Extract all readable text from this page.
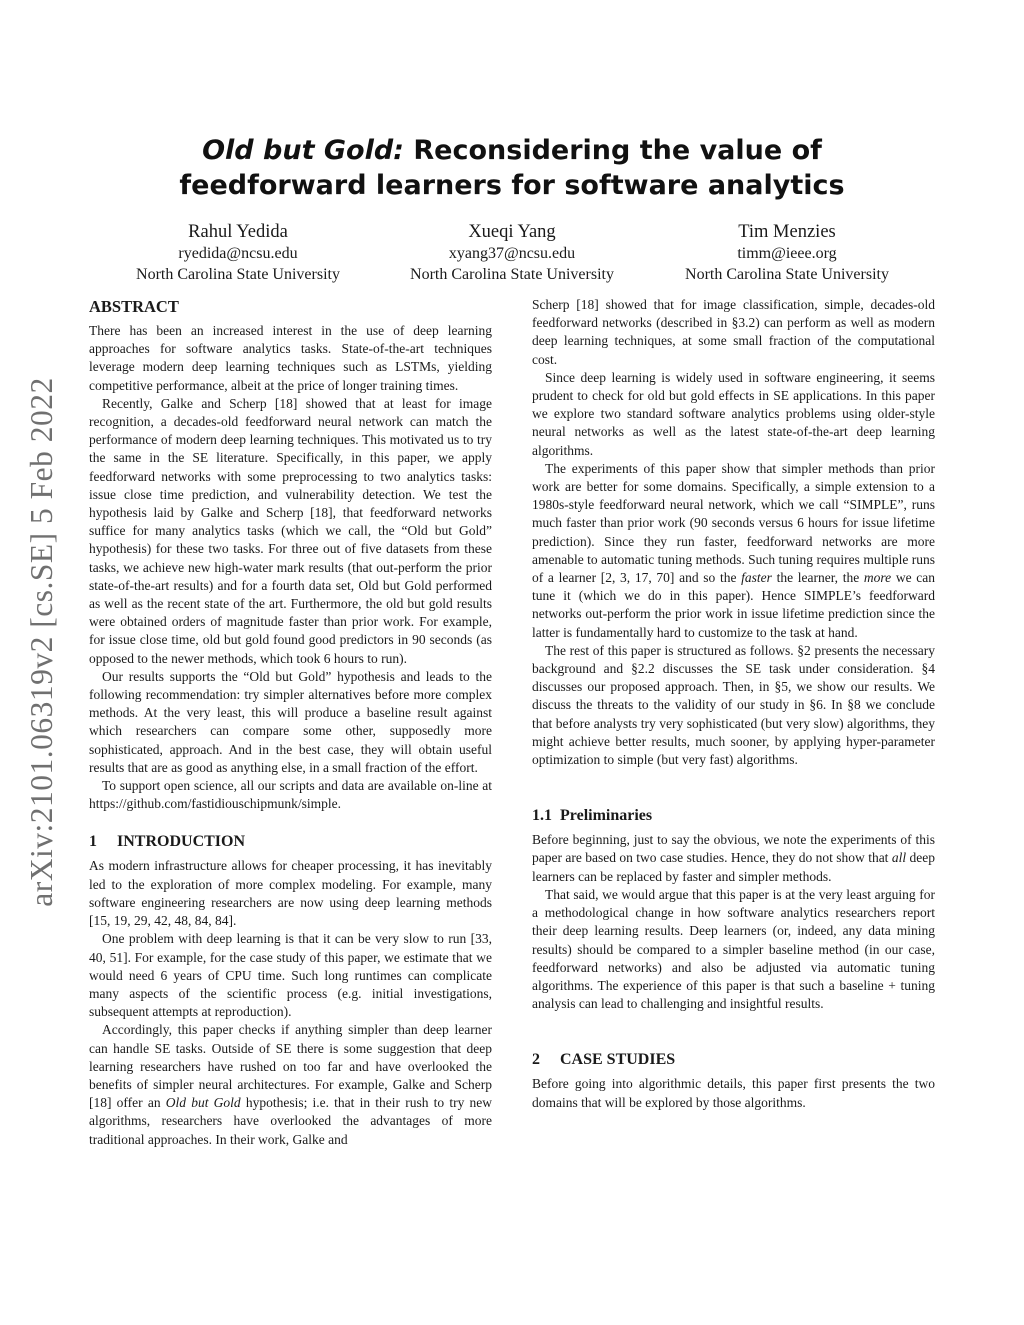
arXiv:2101.06319v2 [cs.SE] 5 Feb 2022
Old but Gold: Reconsidering the value of
feedforward learners for software analytics
Rahul Yedida
ryedida@ncsu.edu
North Carolina State University
Xueqi Yang
xyang37@ncsu.edu
North Carolina State University
Tim Menzies
timm@ieee.org
North Carolina State University
ABSTRACT

There has been an increased interest in the use of deep learning approaches for software analytics tasks. State-of-the-art techniques leverage modern deep learning techniques such as LSTMs, yielding competitive performance, albeit at the price of longer training times.

Recently, Galke and Scherp [18] showed that at least for image recognition, a decades-old feedforward neural network can match the performance of modern deep learning techniques. This motivated us to try the same in the SE literature. Specifically, in this paper, we apply feedforward networks with some preprocessing to two analytics tasks: issue close time prediction, and vulnerability detection. We test the hypothesis laid by Galke and Scherp [18], that feedforward networks suffice for many analytics tasks (which we call, the “Old but Gold” hypothesis) for these two tasks. For three out of five datasets from these tasks, we achieve new high-water mark results (that out-perform the prior state-of-the-art results) and for a fourth data set, Old but Gold performed as well as the recent state of the art. Furthermore, the old but gold results were obtained orders of magnitude faster than prior work. For example, for issue close time, old but gold found good predictors in 90 seconds (as opposed to the newer methods, which took 6 hours to run).

Our results supports the “Old but Gold” hypothesis and leads to the following recommendation: try simpler alternatives before more complex methods. At the very least, this will produce a baseline result against which researchers can compare some other, supposedly more sophisticated, approach. And in the best case, they will obtain useful results that are as good as anything else, in a small fraction of the effort.

To support open science, all our scripts and data are available on-line at https://github.com/fastidiouschipmunk/simple.

1 INTRODUCTION

As modern infrastructure allows for cheaper processing, it has inevitably led to the exploration of more complex modeling. For example, many software engineering researchers are now using deep learning methods [15, 19, 29, 42, 48, 84, 84].

One problem with deep learning is that it can be very slow to run [33, 40, 51]. For example, for the case study of this paper, we estimate that we would need 6 years of CPU time. Such long runtimes can complicate many aspects of the scientific process (e.g. initial investigations, subsequent attempts at reproduction).

Accordingly, this paper checks if anything simpler than deep learner can handle SE tasks. Outside of SE there is some suggestion that deep learning researchers have rushed on too far and have overlooked the benefits of simpler neural architectures. For example, Galke and Scherp [18] offer an Old but Gold hypothesis; i.e. that in their rush to try new algorithms, researchers have overlooked the advantages of more traditional approaches. In their work, Galke and

Scherp [18] showed that for image classification, simple, decades-old feedforward networks (described in §3.2) can perform as well as modern deep learning techniques, at some small fraction of the computational cost.

Since deep learning is widely used in software engineering, it seems prudent to check for old but gold effects in SE applications. In this paper we explore two standard software analytics problems using older-style neural networks as well as the latest state-of-the-art deep learning algorithms.

The experiments of this paper show that simpler methods than prior work are better for some domains. Specifically, a simple extension to a 1980s-style feedforward neural network, which we call “SIMPLE”, runs much faster than prior work (90 seconds versus 6 hours for issue lifetime prediction). Since they run faster, feedforward networks are more amenable to automatic tuning methods. Such tuning requires multiple runs of a learner [2, 3, 17, 70] and so the faster the learner, the more we can tune it (which we do in this paper). Hence SIMPLE’s feedforward networks out-perform the prior work in issue lifetime prediction since the latter is fundamentally hard to customize to the task at hand.

The rest of this paper is structured as follows. §2 presents the necessary background and §2.2 discusses the SE task under consideration. §4 discusses our proposed approach. Then, in §5, we show our results. We discuss the threats to the validity of our study in §6. In §8 we conclude that before analysts try very sophisticated (but very slow) algorithms, they might achieve better results, much sooner, by applying hyper-parameter optimization to simple (but very fast) algorithms.

1.1 Preliminaries

Before beginning, just to say the obvious, we note the experiments of this paper are based on two case studies. Hence, they do not show that all deep learners can be replaced by faster and simpler methods.

That said, we would argue that this paper is at the very least arguing for a methodological change in how software analytics researchers report their deep learning results. Deep learners (or, indeed, any data mining results) should be compared to a simpler baseline method (in our case, feedforward networks) and also be adjusted via automatic tuning algorithms. The experience of this paper is that such a baseline + tuning analysis can lead to challenging and insightful results.

2 CASE STUDIES

Before going into algorithmic details, this paper first presents the two domains that will be explored by those algorithms.
